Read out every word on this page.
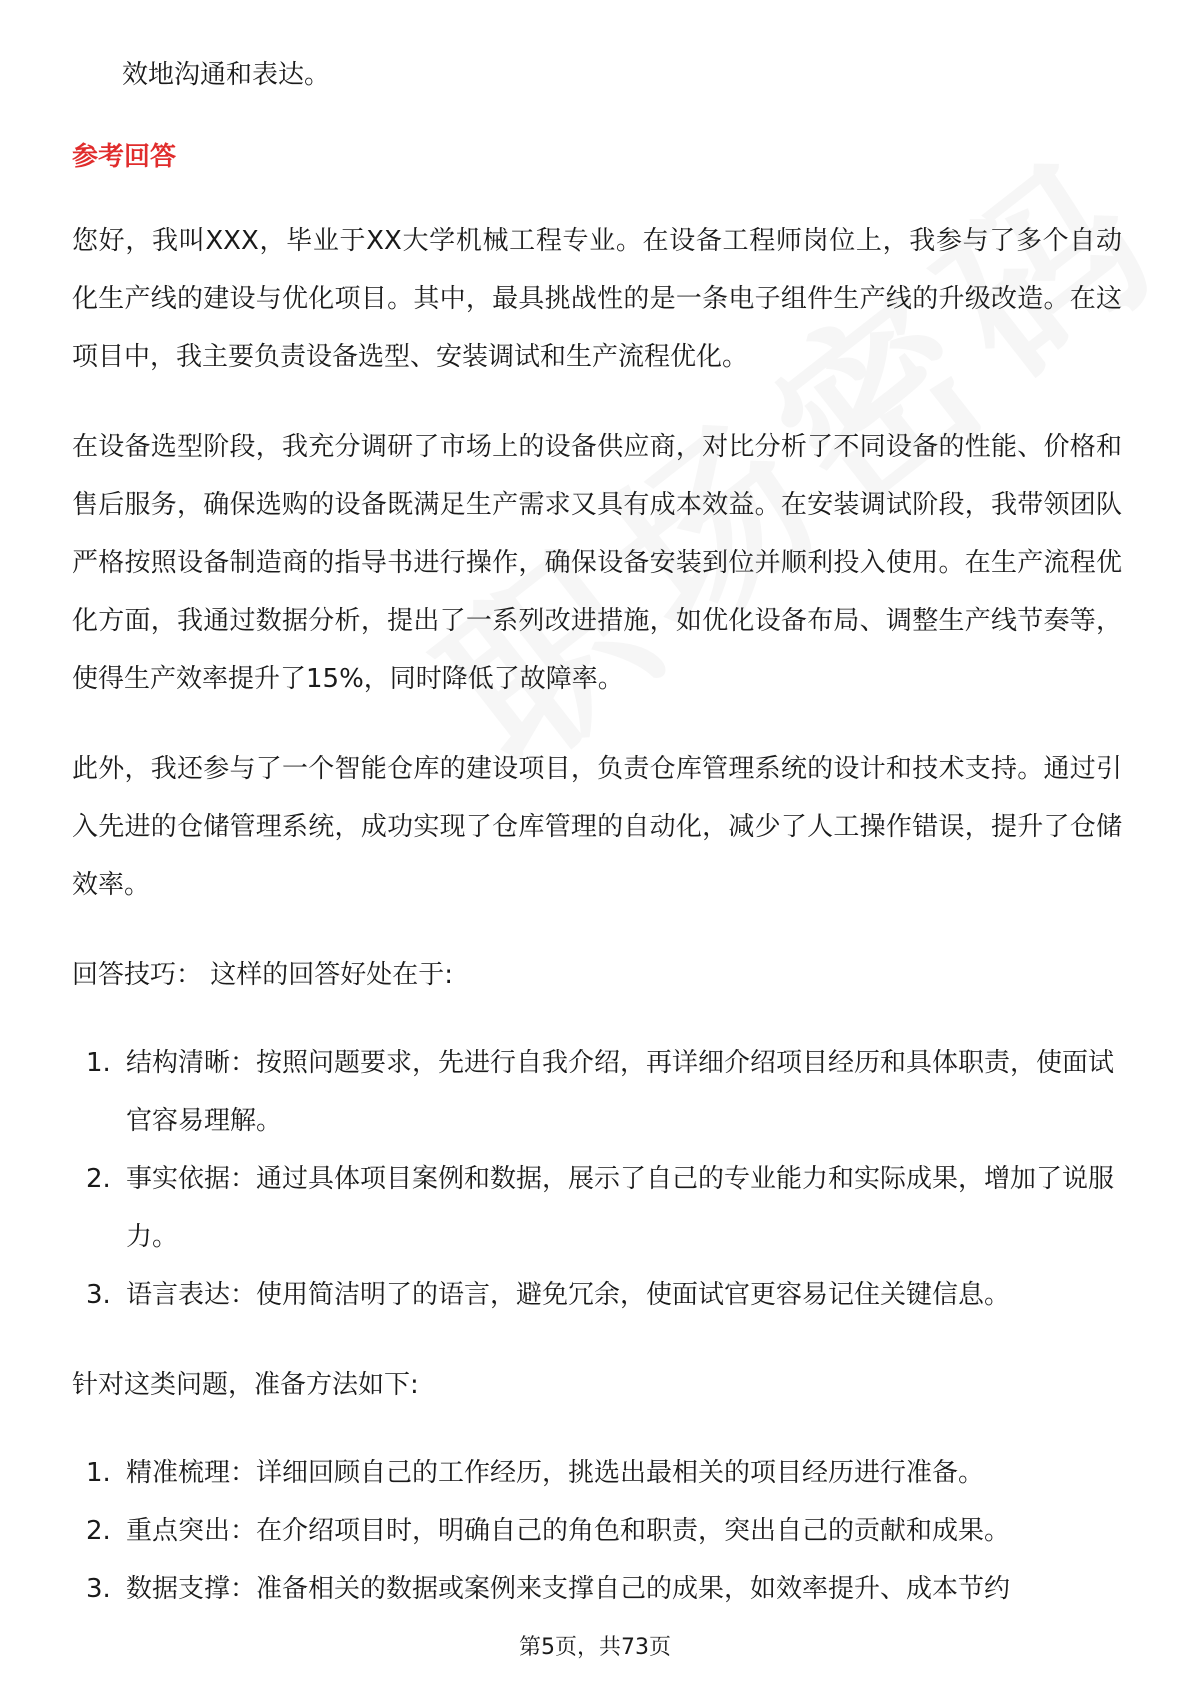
效地沟通和表达。
参考回答

您好，我叫XXX，毕业于XX大学机械工程专业。在设备工程师岗位上，我参与了多个自动化生产线的建设与优化项目。其中，最具挑战性的是一条电子组件生产线的升级改造。在这项目中，我主要负责设备选型、安装调试和生产流程优化。

在设备选型阶段，我充分调研了市场上的设备供应商，对比分析了不同设备的性能、价格和售后服务，确保选购的设备既满足生产需求又具有成本效益。在安装调试阶段，我带领团队严格按照设备制造商的指导书进行操作，确保设备安装到位并顺利投入使用。在生产流程优化方面，我通过数据分析，提出了一系列改进措施，如优化设备布局、调整生产线节奏等，使得生产效率提升了15%，同时降低了故障率。

此外，我还参与了一个智能仓库的建设项目，负责仓库管理系统的设计和技术支持。通过引入先进的仓储管理系统，成功实现了仓库管理的自动化，减少了人工操作错误，提升了仓储效率。

回答技巧： 这样的回答好处在于:
1. 结构清晰：按照问题要求，先进行自我介绍，再详细介绍项目经历和具体职责，使面试官容易理解。
2. 事实依据：通过具体项目案例和数据，展示了自己的专业能力和实际成果，增加了说服力。
3. 语言表达：使用简洁明了的语言，避免冗余，使面试官更容易记住关键信息。
针对这类问题，准备方法如下:
1. 精准梳理：详细回顾自己的工作经历，挑选出最相关的项目经历进行准备。
2. 重点突出：在介绍项目时，明确自己的角色和职责，突出自己的贡献和成果。
3. 数据支撑：准备相关的数据或案例来支撑自己的成果，如效率提升、成本节约
第5页，共73页
